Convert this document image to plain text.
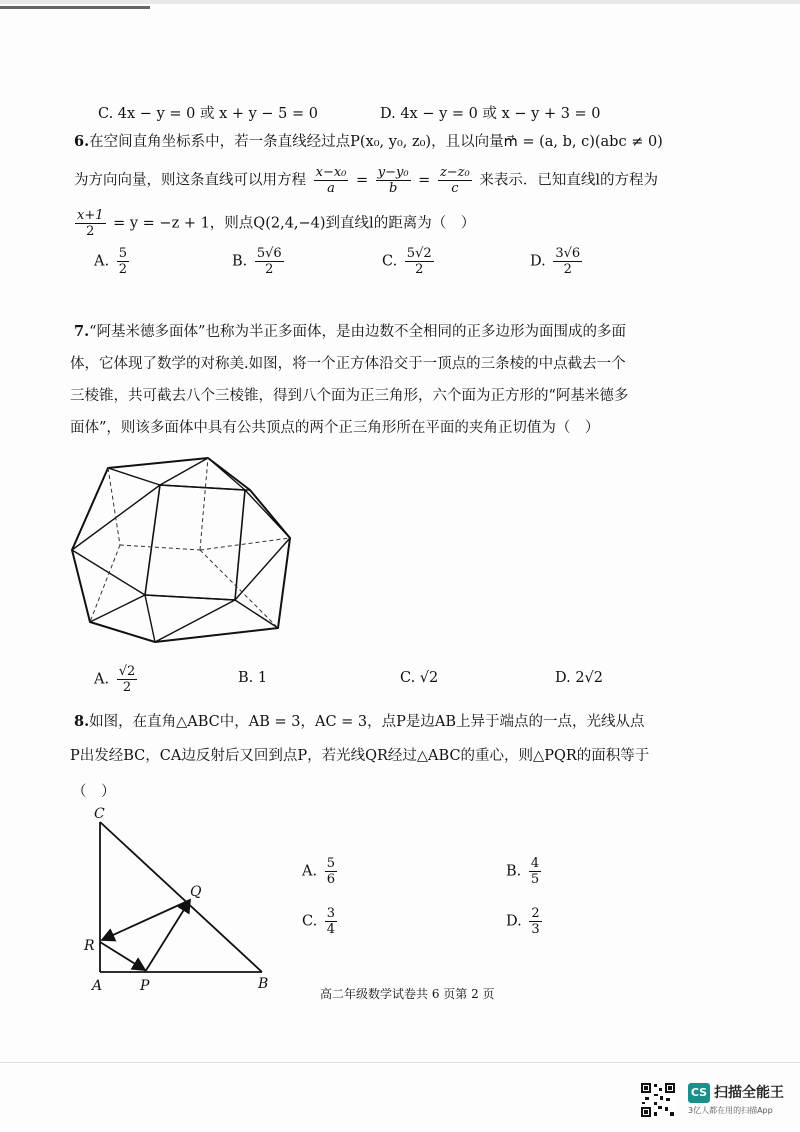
C. 4x − y = 0 或 x + y − 5 = 0	D. 4x − y = 0 或 x − y + 3 = 0
6.在空间直角坐标系中，若一条直线经过点P(x₀, y₀, z₀)，且以向量m⃗ = (a, b, c)(abc ≠ 0)
为方向向量，则这条直线可以用方程 $\frac{\text{x−x₀}}{a} = \frac{\text{y−y₀}}{b} = \frac{\text{z−z₀}}{c}$ 来表示．已知直线l的方程为
$\frac{x+1}{2} = y = -z + 1$，则点Q(2,4,−4)到直线l的距离为（　）
A. $\frac{5}{2}$	B. $\frac{5√6}{2}$	C. $\frac{5√2}{2}$	D. $\frac{3√6}{2}$
7.“阿基米德多面体”也称为半正多面体，是由边数不全相同的正多边形为面围成的多面
体，它体现了数学的对称美.如图，将一个正方体沿交于一顶点的三条棱的中点截去一个
三棱锥，共可截去八个三棱锥，得到八个面为正三角形，六个面为正方形的“阿基米德多
面体”，则该多面体中具有公共顶点的两个正三角形所在平面的夹角正切值为（　）
A. $\frac{√2}{2}$	B. 1	C. √2	D. 2√2
8.如图，在直角△ABC中，AB = 3，AC = 3，点P是边AB上异于端点的一点，光线从点
P出发经BC，CA边反射后又回到点P，若光线QR经过△ABC的重心，则△PQR的面积等于
（　）
C
Q
R
A	P	B
A. $\frac{5}{6}$	B. $\frac{4}{5}$
C. $\frac{3}{4}$	D. $\frac{2}{3}$
高二年级数学试卷共 6 页第 2 页
CS 扫描全能王
3亿人都在用的扫描App
